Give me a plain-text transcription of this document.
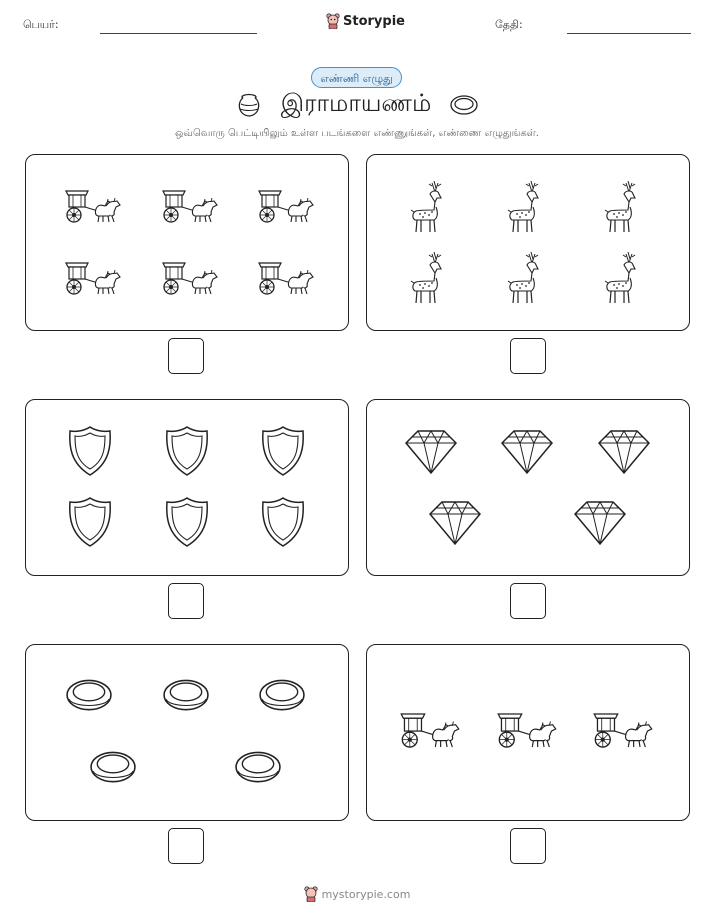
பெயர்:	Storypie	தேதி:
எண்ணி எழுது
இராமாயணம்
ஒவ்வொரு பெட்டியிலும் உள்ள படங்களை எண்ணுங்கள், எண்ணை எழுதுங்கள்.
mystorypie.com
